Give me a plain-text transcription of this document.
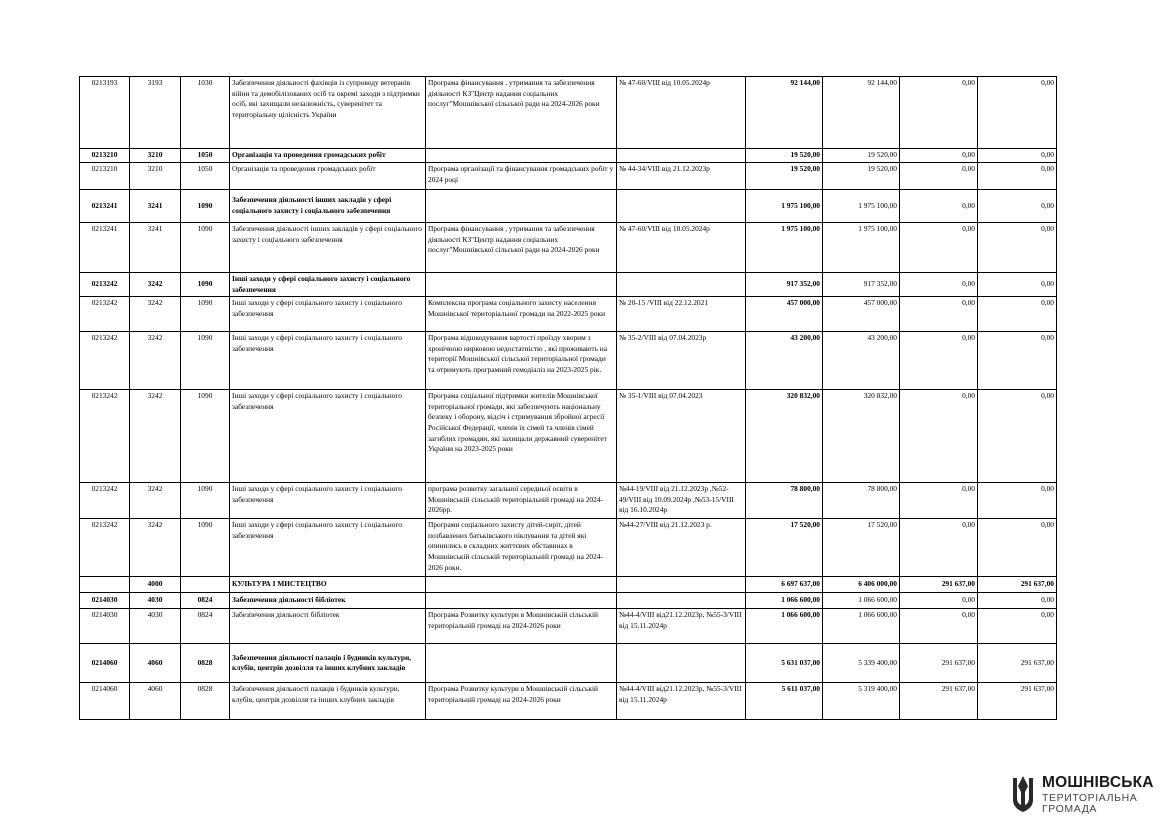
0213193	3193	1030	Забезпечення діяльності фахівців із супроводу ветеранів війни та демобілізованих осіб та окремі заходи з підтримки осіб, які захищали незалежність, суверенітет та територіальну цілісність України	Програма фінансування , утримання та забезпечення діяльності КЗ"Центр надання соціальних послуг"Мошнівської сільської ради на 2024-2026 роки	№ 47-60/VIII від 10.05.2024р	92 144,00	92 144,00	0,00	0,00
0213210	3210	1050	Організація та проведення громадських робіт			19 520,00	19 520,00	0,00	0,00
0213210	3210	1050	Організація та проведення громадських робіт	Програма організації та фінансування громадських робіт у 2024 році	№ 44-34/VIII від 21.12.2023р	19 520,00	19 520,00	0,00	0,00
0213241	3241	1090	Забезпечення діяльності інших закладів у сфері соціального захисту і соціального забезпечення			1 975 100,00	1 975 100,00	0,00	0,00
0213241	3241	1090	Забезпечення діяльності інших закладів у сфері соціального захисту і соціального забезпечення	Програма фінансування , утримання та забезпечення діяльності КЗ"Центр надання соціальних послуг"Мошнівської сільської ради на 2024-2026 роки	№ 47-60/VIII від 10.05.2024р	1 975 100,00	1 975 100,00	0,00	0,00
0213242	3242	1090	Інші заходи у сфері соціального захисту і соціального забезпечення			917 352,00	917 352,00	0,00	0,00
0213242	3242	1090	Інші заходи у сфері соціального захисту і соціального забезпечення	Комплексна програма соціального захисту населення Мошнівської територіальної громади на 2022-2025 роки	№ 20-15 /VIII від 22.12.2021	457 000,00	457 000,00	0,00	0,00
0213242	3242	1090	Інші заходи у сфері соціального захисту і соціального забезпечення	Програма відшкодування вартості проїзду хворим з хронічною нирковою недостатністю , які проживають на території Мошнівської сільської територіальної громади та отримують програмний гемодіаліз на 2023-2025 рік.	№ 35-2/VIII від 07.04.2023р	43 200,00	43 200,00	0,00	0,00
0213242	3242	1090	Інші заходи у сфері соціального захисту і соціального забезпечення	Програма соціальної підтримки жителів Мошнівської територіальної громади, які забезпечують національну безпеку і оборону, відсіч і стримування збройної агресії Російської Федерації, членів їх сімей та членів сімей загиблих громадян, які захищали державний суверенітет України на 2023-2025 роки	№ 35-1/VIII від 07.04.2023	320 832,00	320 832,00	0,00	0,00
0213242	3242	1090	Інші заходи у сфері соціального захисту і соціального забезпечення	програма розвитку загальної середньої освіти в Мошнівській сільській територіальній громаді на 2024-2026рр.	№44-19/VIII від 21.12.2023р ,№52-49/VIII від 10.09.2024р ,№53-15/VIII від 16.10.2024р	78 800,00	78 800,00	0,00	0,00
0213242	3242	1090	Інші заходи у сфері соціального захисту і соціального забезпечення	Програми соціального захисту дітей-сиріт, дітей позбавлених батьківського піклування та дітей які опинились в складних життєвих обставинах в Мошнівській сільській територіальній громаді на 2024-2026 роки.	№44-27/VIII від 21.12.2023 р.	17 520,00	17 520,00	0,00	0,00
	4000		КУЛЬТУРА І МИСТЕЦТВО			6 697 637,00	6 406 000,00	291 637,00	291 637,00
0214030	4030	0824	Забезпечення діяльності бібліотек			1 066 600,00	1 066 600,00	0,00	0,00
0214030	4030	0824	Забезпечення діяльності бібліотек	Програма Розвитку культури в Мошнівській сільській територіальній громаді на 2024-2026 роки	№44-4/VIII від21.12.2023р, №55-3/VIII від 15.11.2024р	1 066 600,00	1 066 600,00	0,00	0,00
0214060	4060	0828	Забезпечення діяльності палаців і будинків культури, клубів, центрів дозвілля та інших клубних закладів			5 631 037,00	5 339 400,00	291 637,00	291 637,00
0214060	4060	0828	Забезпечення діяльності палаців і будинків культури, клубів, центрів дозвілля та інших клубних закладів	Програма Розвитку культури в Мошнівській сільській територіальній громаді на 2024-2026 роки	№44-4/VIII від21.12.2023р, №55-3/VIII від 15.11.2024р	5 611 037,00	5 319 400,00	291 637,00	291 637,00
МОШНІВСЬКА
ТЕРИТОРІАЛЬНА
ГРОМАДА
